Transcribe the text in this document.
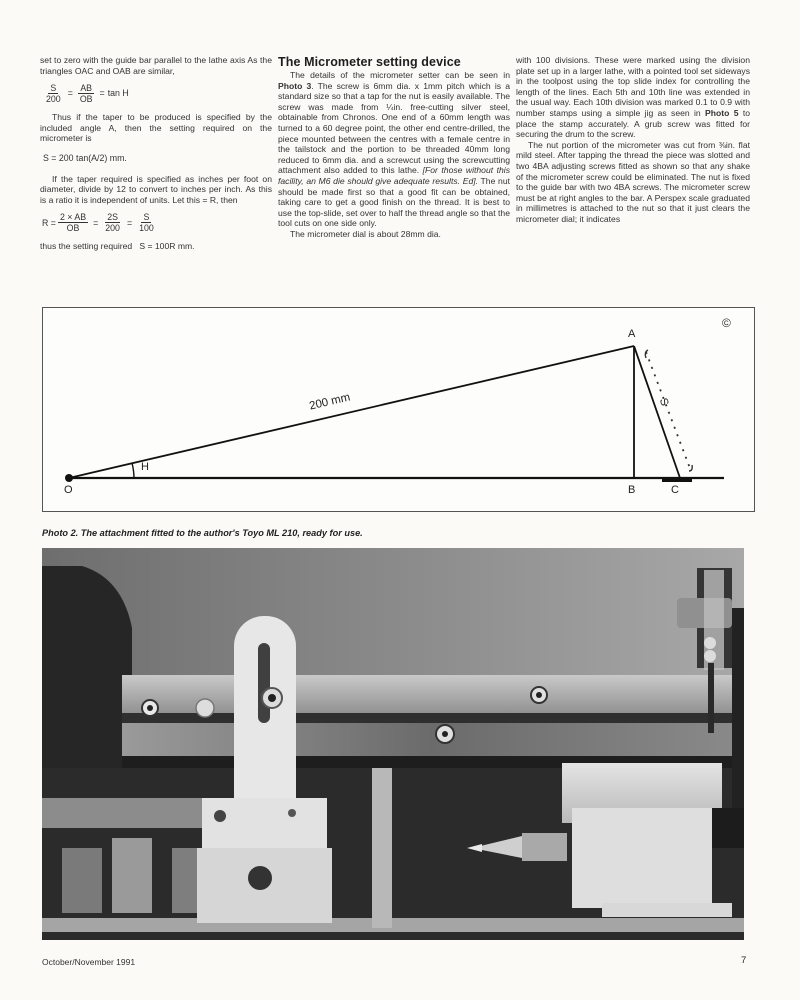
set to zero with the guide bar parallel to the lathe axis As the triangles OAC and OAB are similar,

$\frac{S}{200} = \frac{AB}{OB} = \tan H$

Thus if the taper to be produced is specified by the included angle A, then the setting required on the micrometer is

S = 200 tan(A/2) mm.

If the taper required is specified as inches per foot on diameter, divide by 12 to convert to inches per inch. As this is a ratio it is independent of units. Let this = R, then

$R = \frac{2 \times AB}{OB} = \frac{2S}{200} = \frac{S}{100}$

thus the setting required S = 100R mm.

The Micrometer setting device

The details of the micrometer setter can be seen in Photo 3. The screw is 6mm dia. x 1mm pitch which is a standard size so that a tap for the nut is easily available. The screw was made from ¼in. free-cutting silver steel, obtainable from Chronos. One end of a 60mm length was turned to a 60 degree point, the other end centre-drilled, the piece mounted between the centres with a female centre in the tailstock and the portion to be threaded 40mm long reduced to 6mm dia. and a screwcut using the screwcutting attachment also added to this lathe. [For those without this facility, an M6 die should give adequate results. Ed]. The nut should be made first so that a good fit can be obtained, taking care to get a good finish on the thread. It is best to use the top-slide, set over to half the thread angle so that the tool cuts on one side only.

The micrometer dial is about 28mm dia.

with 100 divisions. These were marked using the division plate set up in a larger lathe, with a pointed tool set sideways in the toolpost using the top slide index for controlling the length of the lines. Each 5th and 10th line was extended in the usual way. Each 10th division was marked 0.1 to 0.9 with number stamps using a simple jig as seen in Photo 5 to place the stamp accurately. A grub screw was fitted for securing the drum to the screw.

The nut portion of the micrometer was cut from ⅜in. flat mild steel. After tapping the thread the piece was slotted and two 4BA adjusting screws fitted as shown so that any shake of the micrometer screw could be eliminated. The nut is fixed to the guide bar with two 4BA screws. The micrometer screw must be at right angles to the bar. A Perspex scale graduated in millimetres is attached to the nut so that it just clears the micrometer dial; it indicates

O
H
A
B	C
S
200 mm
©
Photo 2. The attachment fitted to the author's Toyo ML 210, ready for use.
October/November 1991	7
